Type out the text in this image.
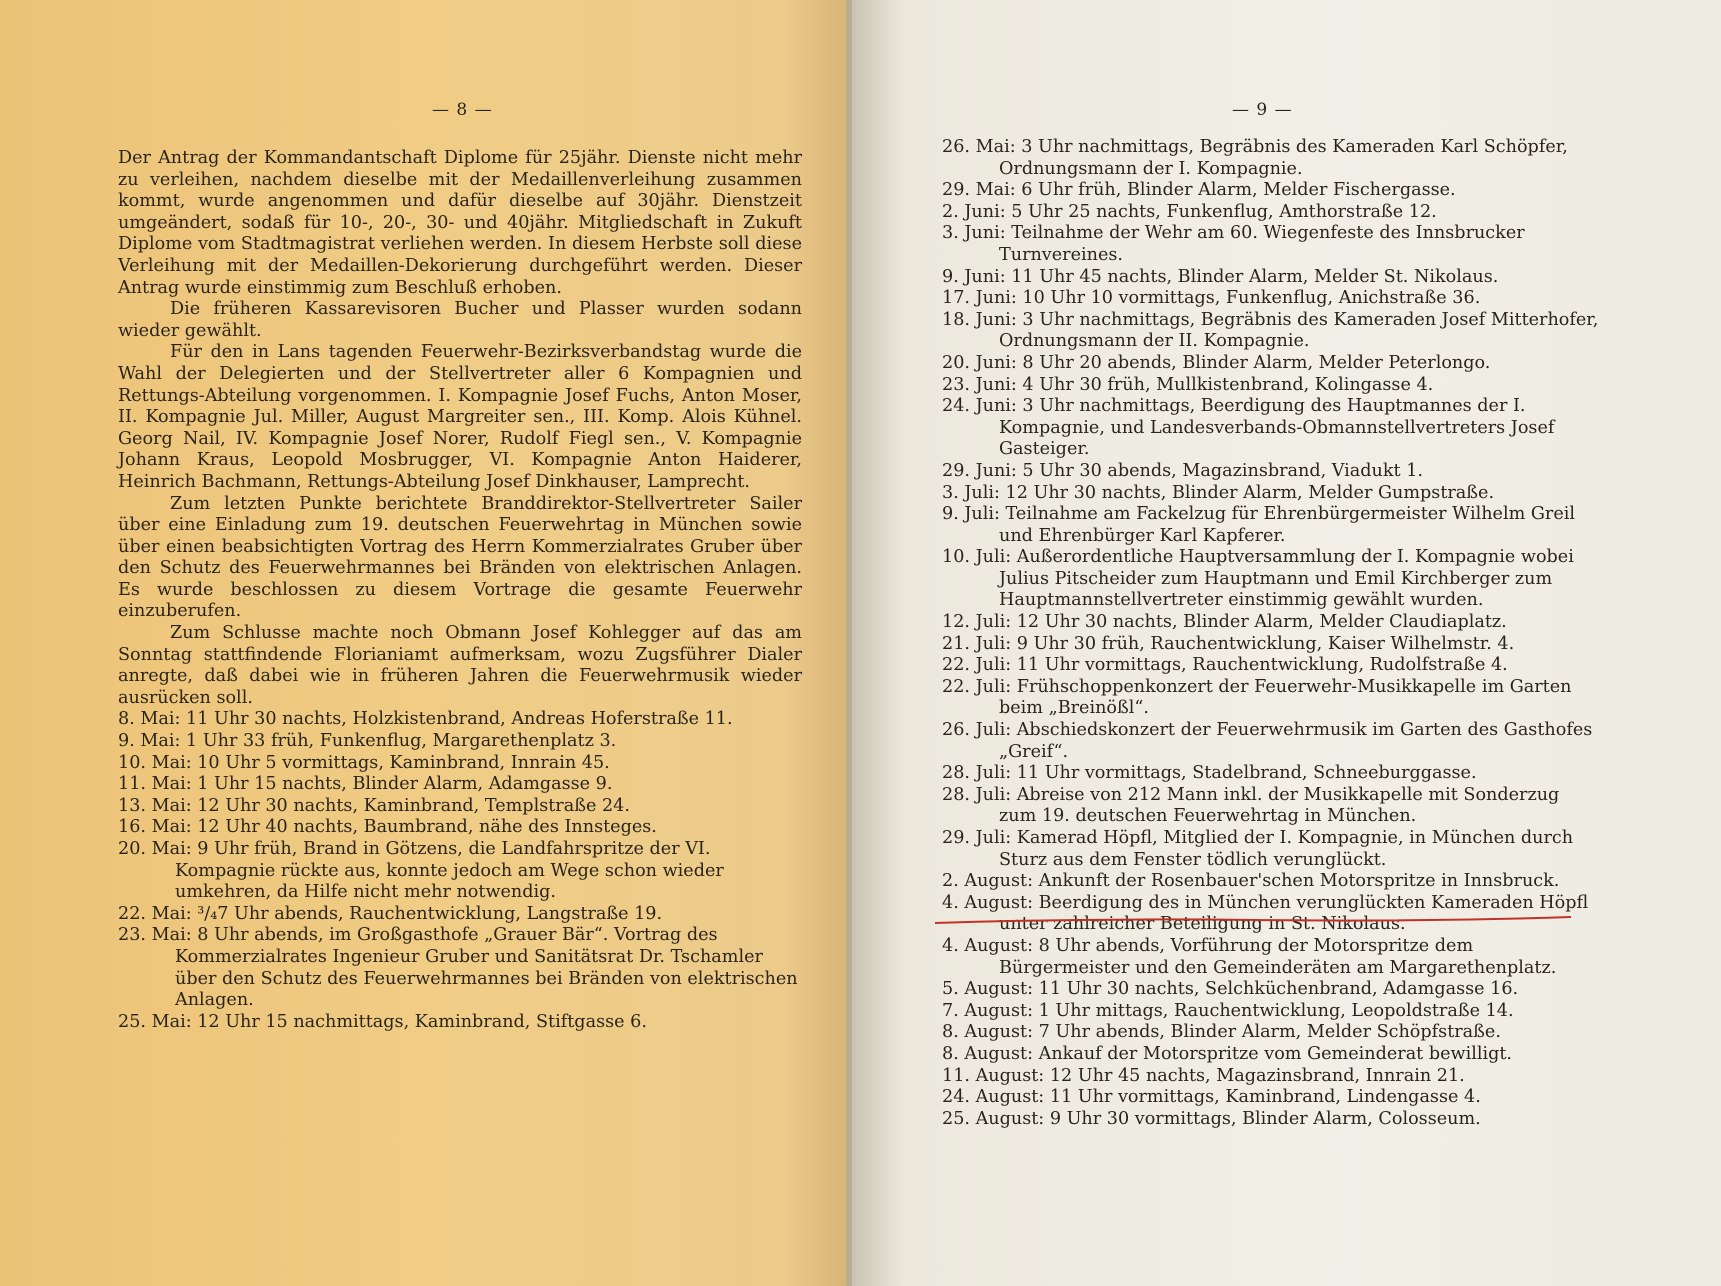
— 8 —

Der Antrag der Kommandantschaft Diplome für 25jähr. Dienste nicht mehr zu verleihen, nachdem dieselbe mit der Medaillenverleihung zusammen kommt, wurde angenommen und dafür dieselbe auf 30jähr. Dienstzeit umgeändert, sodaß für 10-, 20-, 30- und 40jähr. Mitgliedschaft in Zukuft Diplome vom Stadtmagistrat verliehen werden. In diesem Herbste soll diese Verleihung mit der Medaillen-Dekorierung durchgeführt werden. Dieser Antrag wurde einstimmig zum Beschluß erhoben.

Die früheren Kassarevisoren Bucher und Plasser wurden sodann wieder gewählt.

Für den in Lans tagenden Feuerwehr-Bezirksverbandstag wurde die Wahl der Delegierten und der Stellvertreter aller 6 Kompagnien und Rettungs-Abteilung vorgenommen. I. Kompagnie Josef Fuchs, Anton Moser, II. Kompagnie Jul. Miller, August Margreiter sen., III. Komp. Alois Kühnel. Georg Nail, IV. Kompagnie Josef Norer, Rudolf Fiegl sen., V. Kompagnie Johann Kraus, Leopold Mosbrugger, VI. Kompagnie Anton Haiderer, Heinrich Bachmann, Rettungs-Abteilung Josef Dinkhauser, Lamprecht.

Zum letzten Punkte berichtete Branddirektor-Stellvertreter Sailer über eine Einladung zum 19. deutschen Feuerwehrtag in München sowie über einen beabsichtigten Vortrag des Herrn Kommerzialrates Gruber über den Schutz des Feuerwehrmannes bei Bränden von elektrischen Anlagen. Es wurde beschlossen zu diesem Vortrage die gesamte Feuerwehr einzuberufen.

Zum Schlusse machte noch Obmann Josef Kohlegger auf das am Sonntag stattfindende Florianiamt aufmerksam, wozu Zugsführer Dialer anregte, daß dabei wie in früheren Jahren die Feuerwehrmusik wieder ausrücken soll.

8. Mai: 11 Uhr 30 nachts, Holzkistenbrand, Andreas Hoferstraße 11.

9. Mai: 1 Uhr 33 früh, Funkenflug, Margarethenplatz 3.

10. Mai: 10 Uhr 5 vormittags, Kaminbrand, Innrain 45.

11. Mai: 1 Uhr 15 nachts, Blinder Alarm, Adamgasse 9.

13. Mai: 12 Uhr 30 nachts, Kaminbrand, Templstraße 24.

16. Mai: 12 Uhr 40 nachts, Baumbrand, nähe des Innsteges.

20. Mai: 9 Uhr früh, Brand in Götzens, die Landfahrspritze der VI. Kompagnie rückte aus, konnte jedoch am Wege schon wieder umkehren, da Hilfe nicht mehr notwendig.

22. Mai: ³/₄7 Uhr abends, Rauchentwicklung, Langstraße 19.

23. Mai: 8 Uhr abends, im Großgasthofe „Grauer Bär“. Vortrag des Kommerzialrates Ingenieur Gruber und Sanitätsrat Dr. Tschamler über den Schutz des Feuerwehrmannes bei Bränden von elektrischen Anlagen.

25. Mai: 12 Uhr 15 nachmittags, Kaminbrand, Stiftgasse 6.

— 9 —

26. Mai: 3 Uhr nachmittags, Begräbnis des Kameraden Karl Schöpfer, Ordnungsmann der I. Kompagnie.

29. Mai: 6 Uhr früh, Blinder Alarm, Melder Fischergasse.

2. Juni: 5 Uhr 25 nachts, Funkenflug, Amthorstraße 12.

3. Juni: Teilnahme der Wehr am 60. Wiegenfeste des Innsbrucker Turnvereines.

9. Juni: 11 Uhr 45 nachts, Blinder Alarm, Melder St. Nikolaus.

17. Juni: 10 Uhr 10 vormittags, Funkenflug, Anichstraße 36.

18. Juni: 3 Uhr nachmittags, Begräbnis des Kameraden Josef Mitterhofer, Ordnungsmann der II. Kompagnie.

20. Juni: 8 Uhr 20 abends, Blinder Alarm, Melder Peterlongo.

23. Juni: 4 Uhr 30 früh, Mullkistenbrand, Kolingasse 4.

24. Juni: 3 Uhr nachmittags, Beerdigung des Hauptmannes der I. Kompagnie, und Landesverbands-Obmannstellvertreters Josef Gasteiger.

29. Juni: 5 Uhr 30 abends, Magazinsbrand, Viadukt 1.

3. Juli: 12 Uhr 30 nachts, Blinder Alarm, Melder Gumpstraße.

9. Juli: Teilnahme am Fackelzug für Ehrenbürgermeister Wilhelm Greil und Ehrenbürger Karl Kapferer.

10. Juli: Außerordentliche Hauptversammlung der I. Kompagnie wobei Julius Pitscheider zum Hauptmann und Emil Kirchberger zum Hauptmannstellvertreter einstimmig gewählt wurden.

12. Juli: 12 Uhr 30 nachts, Blinder Alarm, Melder Claudiaplatz.

21. Juli: 9 Uhr 30 früh, Rauchentwicklung, Kaiser Wilhelmstr. 4.

22. Juli: 11 Uhr vormittags, Rauchentwicklung, Rudolfstraße 4.

22. Juli: Frühschoppenkonzert der Feuerwehr-Musikkapelle im Garten beim „Breinößl“.

26. Juli: Abschiedskonzert der Feuerwehrmusik im Garten des Gasthofes „Greif“.

28. Juli: 11 Uhr vormittags, Stadelbrand, Schneeburggasse.

28. Juli: Abreise von 212 Mann inkl. der Musikkapelle mit Sonderzug zum 19. deutschen Feuerwehrtag in München.

29. Juli: Kamerad Höpfl, Mitglied der I. Kompagnie, in München durch Sturz aus dem Fenster tödlich verunglückt.

2. August: Ankunft der Rosenbauer'schen Motorspritze in Innsbruck.

4. August: Beerdigung des in München verunglückten Kameraden Höpfl unter zahlreicher Beteiligung in St. Nikolaus.

4. August: 8 Uhr abends, Vorführung der Motorspritze dem Bürgermeister und den Gemeinderäten am Margarethenplatz.

5. August: 11 Uhr 30 nachts, Selchküchenbrand, Adamgasse 16.

7. August: 1 Uhr mittags, Rauchentwicklung, Leopoldstraße 14.

8. August: 7 Uhr abends, Blinder Alarm, Melder Schöpfstraße.

8. August: Ankauf der Motorspritze vom Gemeinderat bewilligt.

11. August: 12 Uhr 45 nachts, Magazinsbrand, Innrain 21.

24. August: 11 Uhr vormittags, Kaminbrand, Lindengasse 4.

25. August: 9 Uhr 30 vormittags, Blinder Alarm, Colosseum.
